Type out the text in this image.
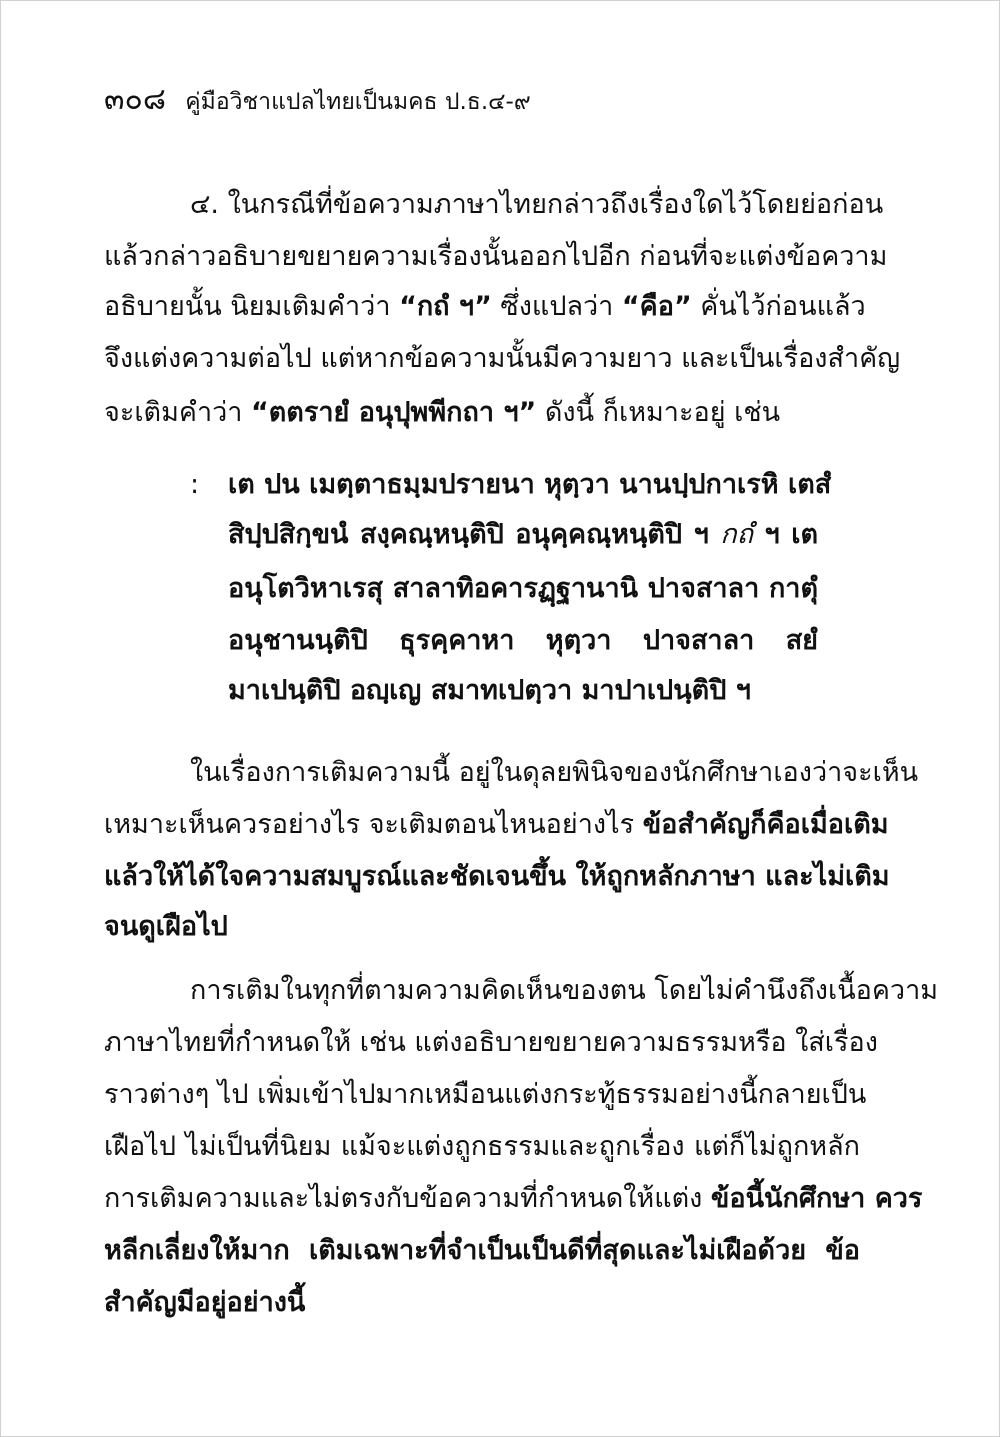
๓๐๘ คู่มือวิชาแปลไทยเป็นมคธ ป.ธ.๔-๙
๔. ในกรณีที่ข้อความภาษาไทยกล่าวถึงเรื่องใดไว้โดยย่อก่อน
แล้วกล่าวอธิบายขยายความเรื่องนั้นออกไปอีก ก่อนที่จะแต่งข้อความ
อธิบายนั้น นิยมเติมคำว่า “กถํ ฯ” ซึ่งแปลว่า “คือ” คั่นไว้ก่อนแล้ว
จึงแต่งความต่อไป แต่หากข้อความนั้นมีความยาว และเป็นเรื่องสำคัญ
จะเติมคำว่า “ตตรายํ อนุปุพพีกถา ฯ” ดังนี้ ก็เหมาะอยู่ เช่น
: เต ปน เมตฺตาธมฺมปรายนา หุตฺวา นานปฺปกาเรหิ เตสํ
สิปฺปสิกฺขนํ สงฺคณฺหนฺติปิ อนุคฺคณฺหนฺติปิ ฯ กถํ ฯ เต
อนุโตวิหาเรสุ สาลาทิอคารฏฺฐานานิ ปาจสาลา กาตุํ
อนุชานนฺติปิ ธุรคฺคาหา หุตฺวา ปาจสาลา สยํ
มาเปนฺติปิ อญฺเญ สมาทเปตฺวา มาปาเปนฺติปิ ฯ
ในเรื่องการเติมความนี้ อยู่ในดุลยพินิจของนักศึกษาเองว่าจะเห็น
เหมาะเห็นควรอย่างไร จะเติมตอนไหนอย่างไร ข้อสำคัญก็คือเมื่อเติม
แล้วให้ได้ใจความสมบูรณ์และชัดเจนขึ้น ให้ถูกหลักภาษา และไม่เติม
จนดูเฝือไป
การเติมในทุกที่ตามความคิดเห็นของตน โดยไม่คำนึงถึงเนื้อความ
ภาษาไทยที่กำหนดให้ เช่น แต่งอธิบายขยายความธรรมหรือ ใส่เรื่อง
ราวต่างๆ ไป เพิ่มเข้าไปมากเหมือนแต่งกระทู้ธรรมอย่างนี้กลายเป็น
เฝือไป ไม่เป็นที่นิยม แม้จะแต่งถูกธรรมและถูกเรื่อง แต่ก็ไม่ถูกหลัก
การเติมความและไม่ตรงกับข้อความที่กำหนดให้แต่ง ข้อนี้นักศึกษา ควร
หลีกเลี่ยงให้มาก เติมเฉพาะที่จำเป็นเป็นดีที่สุดและไม่เฝือด้วย ข้อ
สำคัญมีอยู่อย่างนี้
